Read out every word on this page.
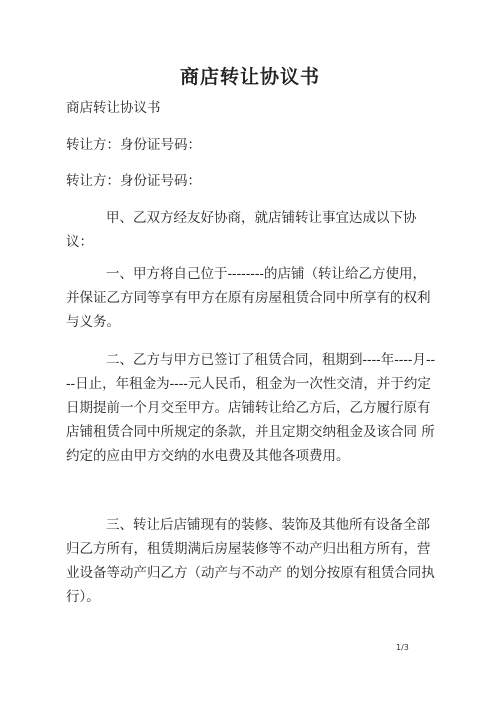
商店转让协议书

商店转让协议书

转让方：身份证号码：

转让方：身份证号码：

甲、乙双方经友好协商，就店铺转让事宜达成以下协议：

一、甲方将自己位于--------的店铺（转让给乙方使用，并保证乙方同等享有甲方在原有房屋租赁合同中所享有的权利与义务。

二、乙方与甲方已签订了租赁合同，租期到----年----月----日止，年租金为----元人民币，租金为一次性交清，并于约定日期提前一个月交至甲方。店铺转让给乙方后，乙方履行原有店铺租赁合同中所规定的条款，并且定期交纳租金及该合同 所约定的应由甲方交纳的水电费及其他各项费用。

三、转让后店铺现有的装修、装饰及其他所有设备全部归乙方所有，租赁期满后房屋装修等不动产归出租方所有，营业设备等动产归乙方（动产与不动产 的划分按原有租赁合同执行）。

1/3
